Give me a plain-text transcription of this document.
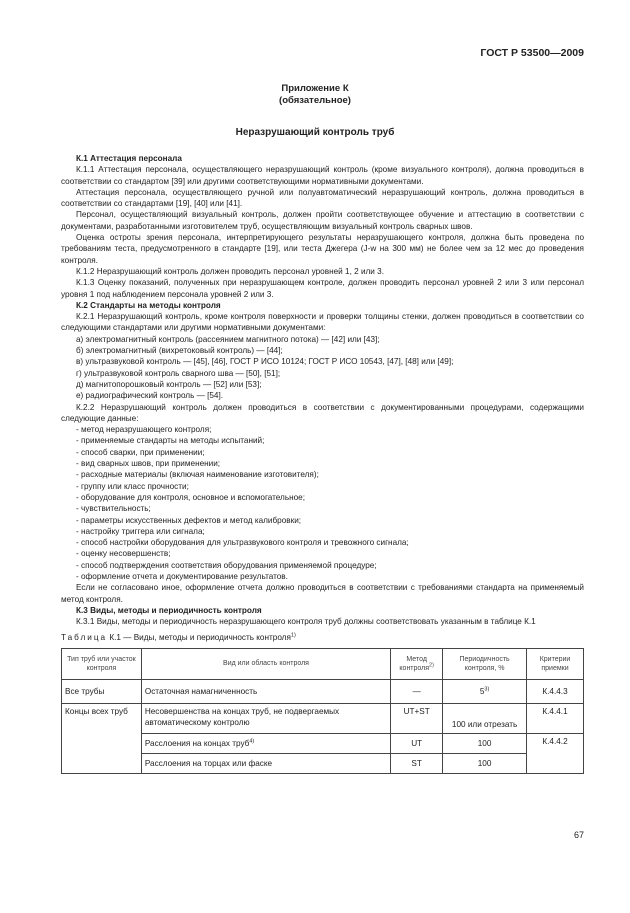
ГОСТ Р 53500—2009
Приложение К
(обязательное)
Неразрушающий контроль труб

К.1 Аттестация персонала

К.1.1 Аттестация персонала, осуществляющего неразрушающий контроль (кроме визуального контроля), должна проводиться в соответствии со стандартом [39] или другими соответствующими нормативными документами.

Аттестация персонала, осуществляющего ручной или полуавтоматический неразрушающий контроль, должна проводиться в соответствии со стандартами [19], [40] или [41].

Персонал, осуществляющий визуальный контроль, должен пройти соответствующее обучение и аттестацию в соответствии с документами, разработанными изготовителем труб, осуществляющим визуальный контроль сварных швов.

Оценка остроты зрения персонала, интерпретирующего результаты неразрушающего контроля, должна быть проведена по требованиям теста, предусмотренного в стандарте [19], или теста Джегера (J-w на 300 мм) не более чем за 12 мес до проведения контроля.

К.1.2 Неразрушающий контроль должен проводить персонал уровней 1, 2 или 3.

К.1.3 Оценку показаний, полученных при неразрушающем контроле, должен проводить персонал уровней 2 или 3 или персонал уровня 1 под наблюдением персонала уровней 2 или 3.

К.2 Стандарты на методы контроля

К.2.1 Неразрушающий контроль, кроме контроля поверхности и проверки толщины стенки, должен проводиться в соответствии со следующими стандартами или другими нормативными документами:

а) электромагнитный контроль (рассеянием магнитного потока) — [42] или [43];

б) электромагнитный (вихретоковый контроль) — [44];

в) ультразвуковой контроль — [45], [46], ГОСТ Р ИСО 10124; ГОСТ Р ИСО 10543, [47], [48] или [49];

г) ультразвуковой контроль сварного шва — [50], [51];

д) магнитопорошковый контроль — [52] или [53];

е) радиографический контроль — [54].

К.2.2 Неразрушающий контроль должен проводиться в соответствии с документированными процедурами, содержащими следующие данные:

- метод неразрушающего контроля;

- применяемые стандарты на методы испытаний;

- способ сварки, при применении;

- вид сварных швов, при применении;

- расходные материалы (включая наименование изготовителя);

- группу или класс прочности;

- оборудование для контроля, основное и вспомогательное;

- чувствительность;

- параметры искусственных дефектов и метод калибровки;

- настройку триггера или сигнала;

- способ настройки оборудования для ультразвукового контроля и тревожного сигнала;

- оценку несовершенств;

- способ подтверждения соответствия оборудования применяемой процедуре;

- оформление отчета и документирование результатов.

Если не согласовано иное, оформление отчета должно проводиться в соответствии с требованиями стандарта на применяемый метод контроля.

К.3 Виды, методы и периодичность контроля

К.3.1 Виды, методы и периодичность неразрушающего контроля труб должны соответствовать указанным в таблице К.1

Таблица К.1 — Виды, методы и периодичность контроля$^{1)}$
Тип труб или участок контроля	Вид или область контроля	Метод контроля$^{2)}$	Периодичность контроля, %	Критерии приемки
Все трубы	Остаточная намагниченность	—	5$^{3)}$	К.4.4.3
Концы всех труб	Несовершенства на концах труб, не подвергаемых автоматическому контролю	UT+ST	100 или отрезать	К.4.4.1
	Расслоения на концах труб$^{4)}$	UT	100	К.4.4.2
	Расслоения на торцах или фаске	ST	100	
67
